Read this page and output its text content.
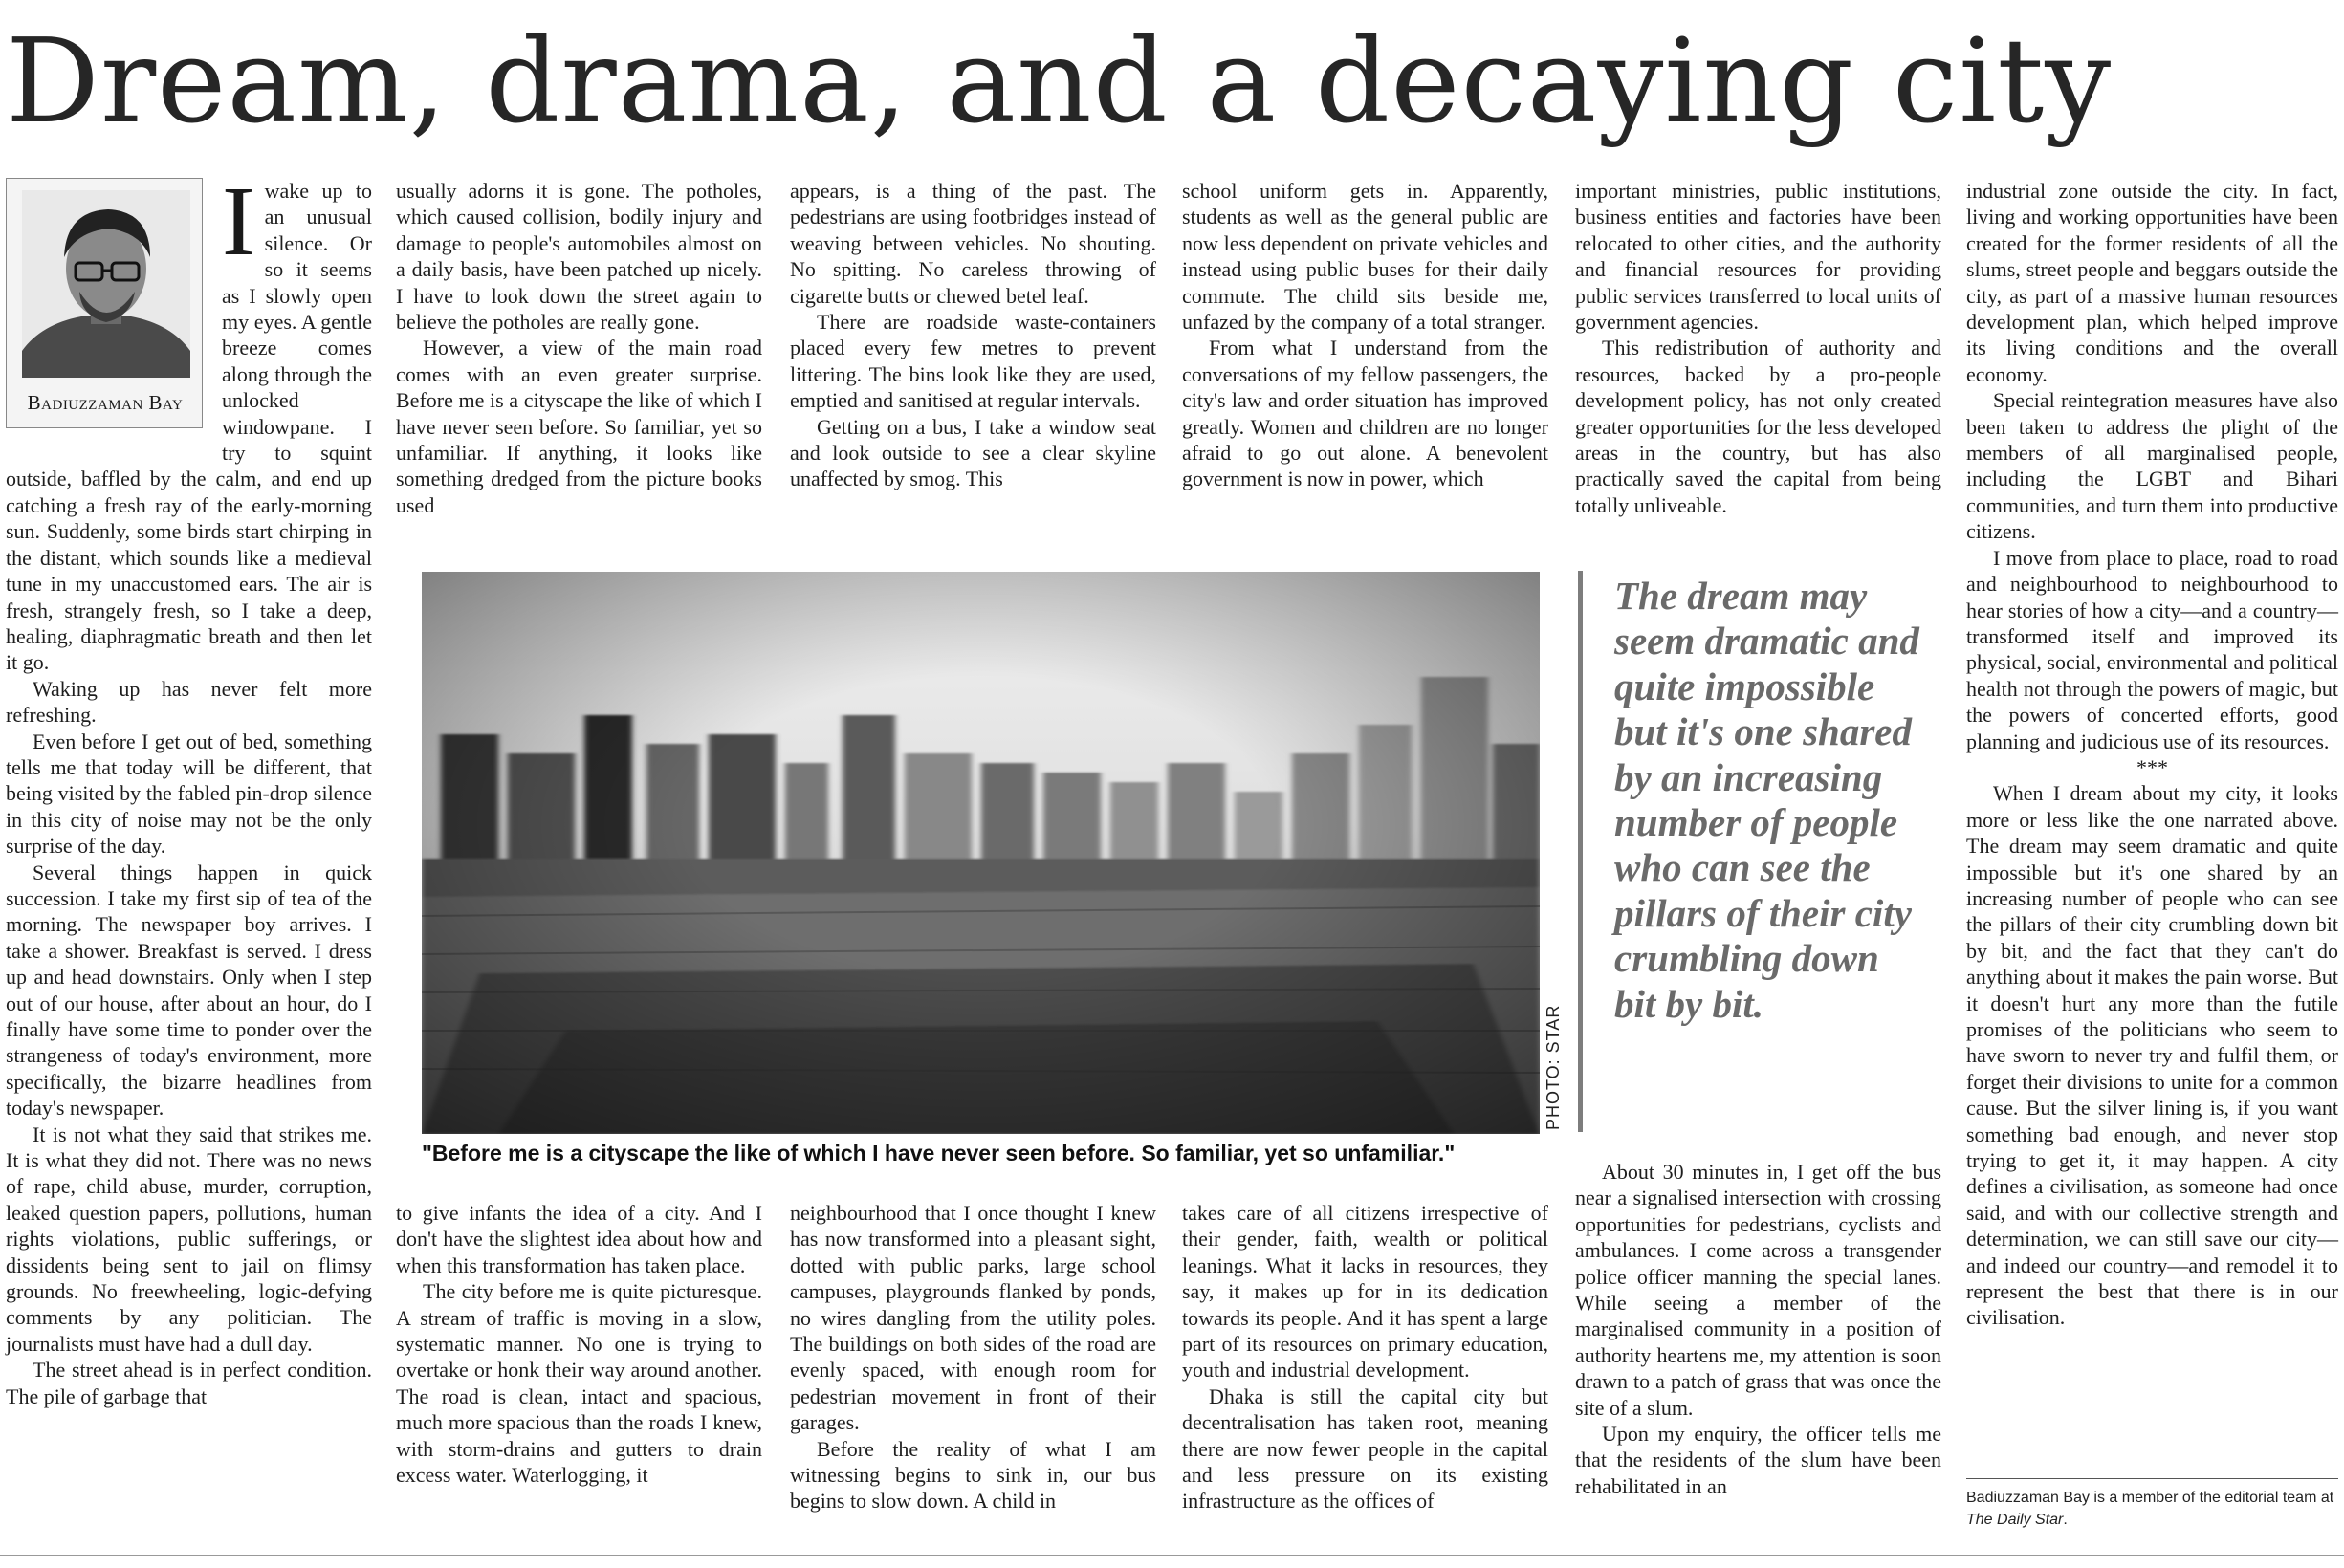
Dream, drama, and a decaying city
Badiuzzaman Bay

Iwake up to an unusual silence. Or so it seems as I slowly open my eyes. A gentle breeze comes along through the unlocked windowpane. I try to squint outside, baffled by the calm, and end up catching a fresh ray of the early-morning sun. Suddenly, some birds start chirping in the distant, which sounds like a medieval tune in my unaccustomed ears. The air is fresh, strangely fresh, so I take a deep, healing, diaphragmatic breath and then let it go.

Waking up has never felt more refreshing.

Even before I get out of bed, something tells me that today will be different, that being visited by the fabled pin-drop silence in this city of noise may not be the only surprise of the day.

Several things happen in quick succession. I take my first sip of tea of the morning. The newspaper boy arrives. I take a shower. Breakfast is served. I dress up and head downstairs. Only when I step out of our house, after about an hour, do I finally have some time to ponder over the strangeness of today's environment, more specifically, the bizarre headlines from today's newspaper.

It is not what they said that strikes me. It is what they did not. There was no news of rape, child abuse, murder, corruption, leaked question papers, pollutions, human rights violations, public sufferings, or dissidents being sent to jail on flimsy grounds. No freewheeling, logic-defying comments by any politician. The journalists must have had a dull day.

The street ahead is in perfect condition. The pile of garbage that

usually adorns it is gone. The potholes, which caused collision, bodily injury and damage to people's automobiles almost on a daily basis, have been patched up nicely. I have to look down the street again to believe the potholes are really gone.

However, a view of the main road comes with an even greater surprise. Before me is a cityscape the like of which I have never seen before. So familiar, yet so unfamiliar. If anything, it looks like something dredged from the picture books used

appears, is a thing of the past. The pedestrians are using footbridges instead of weaving between vehicles. No shouting. No spitting. No careless throwing of cigarette butts or chewed betel leaf.

There are roadside waste-containers placed every few metres to prevent littering. The bins look like they are used, emptied and sanitised at regular intervals.

Getting on a bus, I take a window seat and look outside to see a clear skyline unaffected by smog. This

school uniform gets in. Apparently, students as well as the general public are now less dependent on private vehicles and instead using public buses for their daily commute. The child sits beside me, unfazed by the company of a total stranger.

From what I understand from the conversations of my fellow passengers, the city's law and order situation has improved greatly. Women and children are no longer afraid to go out alone. A benevolent government is now in power, which

important ministries, public institutions, business entities and factories have been relocated to other cities, and the authority and financial resources for providing public services transferred to local units of government agencies.

This redistribution of authority and resources, backed by a pro-people development policy, has not only created greater opportunities for the less developed areas in the country, but has also practically saved the capital from being totally unliveable.

PHOTO: STAR
"Before me is a cityscape the like of which I have never seen before. So familiar, yet so unfamiliar."

The dream may seem dramatic and quite impossible but it's one shared by an increasing number of people who can see the pillars of their city crumbling down bit by bit.

to give infants the idea of a city. And I don't have the slightest idea about how and when this transformation has taken place.

The city before me is quite picturesque. A stream of traffic is moving in a slow, systematic manner. No one is trying to overtake or honk their way around another. The road is clean, intact and spacious, much more spacious than the roads I knew, with storm-drains and gutters to drain excess water. Waterlogging, it

neighbourhood that I once thought I knew has now transformed into a pleasant sight, dotted with public parks, large school campuses, playgrounds flanked by ponds, no wires dangling from the utility poles. The buildings on both sides of the road are evenly spaced, with enough room for pedestrian movement in front of their garages.

Before the reality of what I am witnessing begins to sink in, our bus begins to slow down. A child in

takes care of all citizens irrespective of their gender, faith, wealth or political leanings. What it lacks in resources, they say, it makes up for in its dedication towards its people. And it has spent a large part of its resources on primary education, youth and industrial development.

Dhaka is still the capital city but decentralisation has taken root, meaning there are now fewer people in the capital and less pressure on its existing infrastructure as the offices of

About 30 minutes in, I get off the bus near a signalised intersection with crossing opportunities for pedestrians, cyclists and ambulances. I come across a transgender police officer manning the special lanes. While seeing a member of the marginalised community in a position of authority heartens me, my attention is soon drawn to a patch of grass that was once the site of a slum.

Upon my enquiry, the officer tells me that the residents of the slum have been rehabilitated in an

industrial zone outside the city. In fact, living and working opportunities have been created for the former residents of all the slums, street people and beggars outside the city, as part of a massive human resources development plan, which helped improve its living conditions and the overall economy.

Special reintegration measures have also been taken to address the plight of the members of all marginalised people, including the LGBT and Bihari communities, and turn them into productive citizens.

I move from place to place, road to road and neighbourhood to neighbourhood to hear stories of how a city—and a country—transformed itself and improved its physical, social, environmental and political health not through the powers of magic, but the powers of concerted efforts, good planning and judicious use of its resources.

***

When I dream about my city, it looks more or less like the one narrated above. The dream may seem dramatic and quite impossible but it's one shared by an increasing number of people who can see the pillars of their city crumbling down bit by bit, and the fact that they can't do anything about it makes the pain worse. But it doesn't hurt any more than the futile promises of the politicians who seem to have sworn to never try and fulfil them, or forget their divisions to unite for a common cause. But the silver lining is, if you want something bad enough, and never stop trying to get it, it may happen. A city defines a civilisation, as someone had once said, and with our collective strength and determination, we can still save our city—and indeed our country—and remodel it to represent the best that there is in our civilisation.

Badiuzzaman Bay is a member of the editorial team at The Daily Star.
